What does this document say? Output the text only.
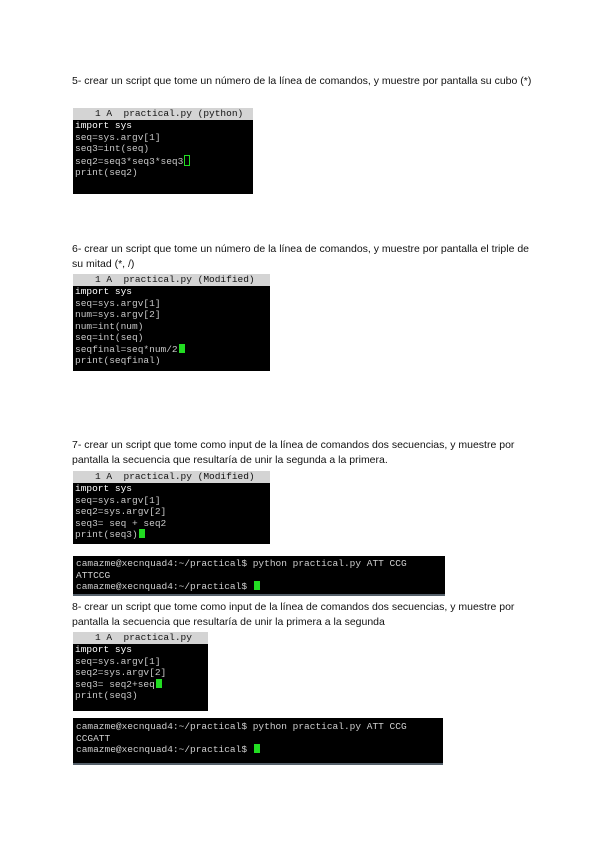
5- crear un script que tome un número de la línea de comandos, y muestre por pantalla su cubo (*)
1 A  practical.py (python)
import sys
seq=sys.argv[1]
seq3=int(seq)
seq2=seq3*seq3*seq3
print(seq2)
6- crear un script que tome un número de la línea de comandos, y muestre por pantalla el triple de su mitad (*, /)
1 A  practical.py (Modified)
import sys
seq=sys.argv[1]
num=sys.argv[2]
num=int(num)
seq=int(seq)
seqfinal=seq*num/2
print(seqfinal)
7- crear un script que tome como input de la línea de comandos dos secuencias, y muestre por pantalla la secuencia que resultaría de unir la segunda a la primera.
1 A  practical.py (Modified)
import sys
seq=sys.argv[1]
seq2=sys.argv[2]
seq3= seq + seq2
print(seq3)
camazme@xecnquad4:~/practical$ python practical.py ATT CCG
ATTCCG
camazme@xecnquad4:~/practical$
8- crear un script que tome como input de la línea de comandos dos secuencias, y muestre por pantalla la secuencia que resultaría de unir la primera a la segunda
1 A  practical.py
import sys
seq=sys.argv[1]
seq2=sys.argv[2]
seq3= seq2+seq
print(seq3)
camazme@xecnquad4:~/practical$ python practical.py ATT CCG
CCGATT
camazme@xecnquad4:~/practical$
